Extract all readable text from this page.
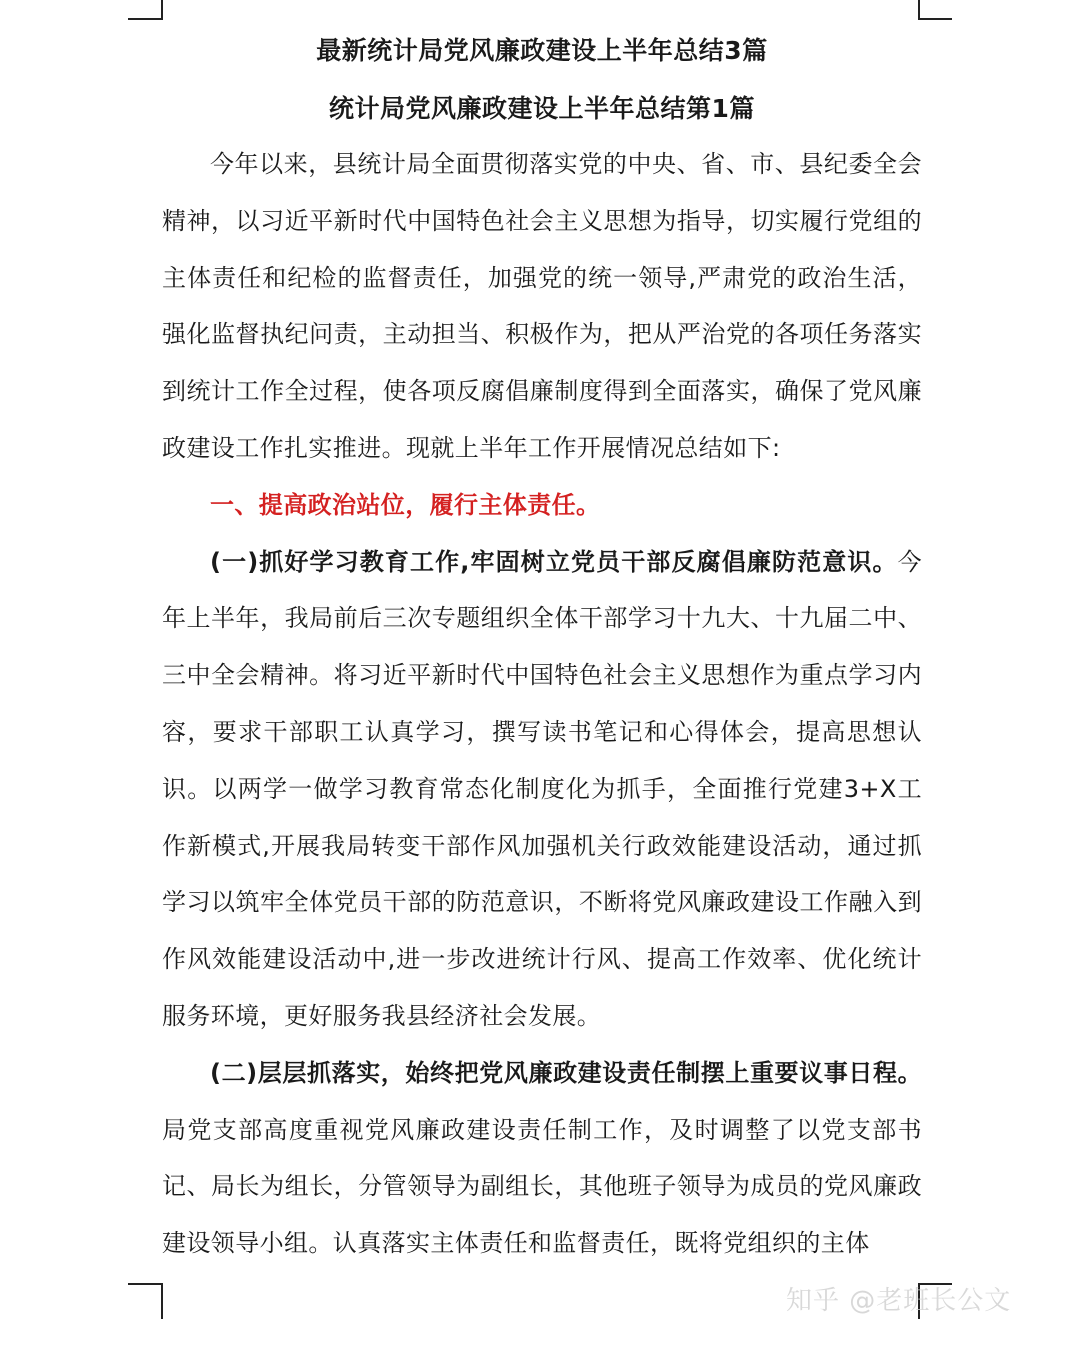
最新统计局党风廉政建设上半年总结3篇
统计局党风廉政建设上半年总结第1篇

今年以来，县统计局全面贯彻落实党的中央、省、市、县纪委全会精神，以习近平新时代中国特色社会主义思想为指导，切实履行党组的主体责任和纪检的监督责任，加强党的统一领导,严肃党的政治生活，强化监督执纪问责，主动担当、积极作为，把从严治党的各项任务落实到统计工作全过程，使各项反腐倡廉制度得到全面落实，确保了党风廉政建设工作扎实推进。现就上半年工作开展情况总结如下:

一、提高政治站位，履行主体责任。

(一)抓好学习教育工作,牢固树立党员干部反腐倡廉防范意识。今年上半年，我局前后三次专题组织全体干部学习十九大、十九届二中、三中全会精神。将习近平新时代中国特色社会主义思想作为重点学习内容，要求干部职工认真学习，撰写读书笔记和心得体会，提高思想认识。以两学一做学习教育常态化制度化为抓手，全面推行党建3+X工作新模式,开展我局转变干部作风加强机关行政效能建设活动，通过抓学习以筑牢全体党员干部的防范意识，不断将党风廉政建设工作融入到作风效能建设活动中,进一步改进统计行风、提高工作效率、优化统计服务环境，更好服务我县经济社会发展。

(二)层层抓落实，始终把党风廉政建设责任制摆上重要议事日程。局党支部高度重视党风廉政建设责任制工作，及时调整了以党支部书记、局长为组长，分管领导为副组长，其他班子领导为成员的党风廉政建设领导小组。认真落实主体责任和监督责任，既将党组织的主体

知乎 @老班长公文
